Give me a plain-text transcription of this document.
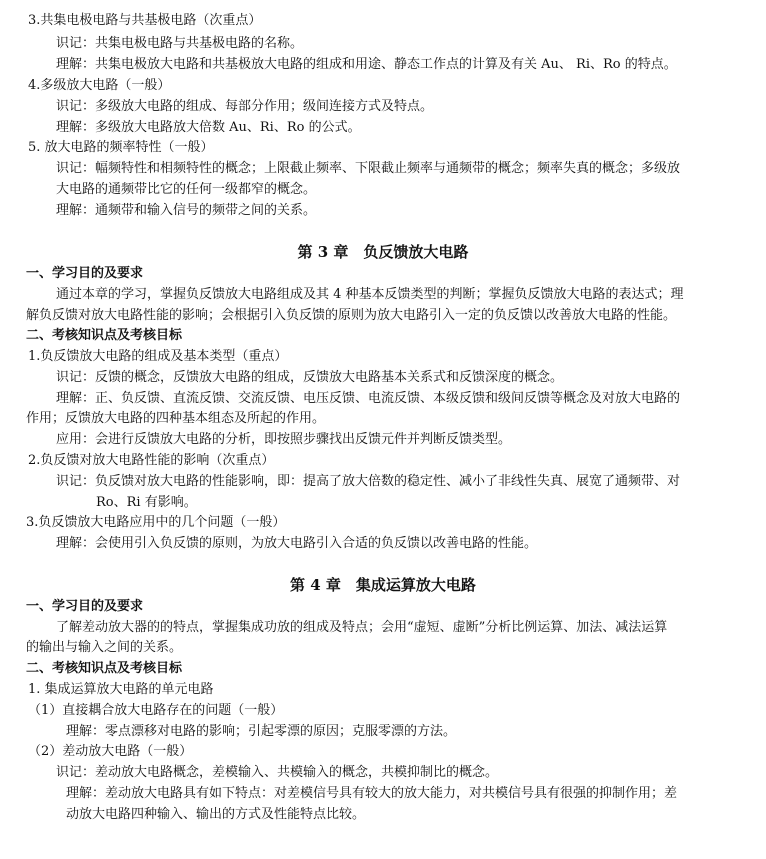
3.共集电极电路与共基极电路（次重点）
识记：共集电极电路与共基极电路的名称。
理解：共集电极放大电路和共基极放大电路的组成和用途、静态工作点的计算及有关 Au、 Ri、Ro 的特点。
4.多级放大电路（一般）
识记：多级放大电路的组成、每部分作用；级间连接方式及特点。
理解：多级放大电路放大倍数 Au、Ri、Ro 的公式。
5. 放大电路的频率特性（一般）
识记：幅频特性和相频特性的概念；上限截止频率、下限截止频率与通频带的概念；频率失真的概念；多级放
大电路的通频带比它的任何一级都窄的概念。
理解：通频带和输入信号的频带之间的关系。
第 3 章　负反馈放大电路
一、学习目的及要求
通过本章的学习，掌握负反馈放大电路组成及其 4 种基本反馈类型的判断；掌握负反馈放大电路的表达式；理
解负反馈对放大电路性能的影响；会根据引入负反馈的原则为放大电路引入一定的负反馈以改善放大电路的性能。
二、考核知识点及考核目标
1.负反馈放大电路的组成及基本类型（重点）
识记：反馈的概念，反馈放大电路的组成，反馈放大电路基本关系式和反馈深度的概念。
理解：正、负反馈、直流反馈、交流反馈、电压反馈、电流反馈、本级反馈和级间反馈等概念及对放大电路的
作用；反馈放大电路的四种基本组态及所起的作用。
应用：会进行反馈放大电路的分析，即按照步骤找出反馈元件并判断反馈类型。
2.负反馈对放大电路性能的影响（次重点）
识记：负反馈对放大电路的性能影响，即：提高了放大倍数的稳定性、减小了非线性失真、展宽了通频带、对
Ro、Ri 有影响。
3.负反馈放大电路应用中的几个问题（一般）
理解：会使用引入负反馈的原则，为放大电路引入合适的负反馈以改善电路的性能。
第 4 章　集成运算放大电路
一、学习目的及要求
了解差动放大器的的特点，掌握集成功放的组成及特点；会用“虚短、虚断”分析比例运算、加法、减法运算
的输出与输入之间的关系。
二、考核知识点及考核目标
1. 集成运算放大电路的单元电路
（1）直接耦合放大电路存在的问题（一般）
理解：零点漂移对电路的影响；引起零漂的原因；克服零漂的方法。
（2）差动放大电路（一般）
识记：差动放大电路概念，差模输入、共模输入的概念，共模抑制比的概念。
理解：差动放大电路具有如下特点：对差模信号具有较大的放大能力，对共模信号具有很强的抑制作用；差
动放大电路四种输入、输出的方式及性能特点比较。
